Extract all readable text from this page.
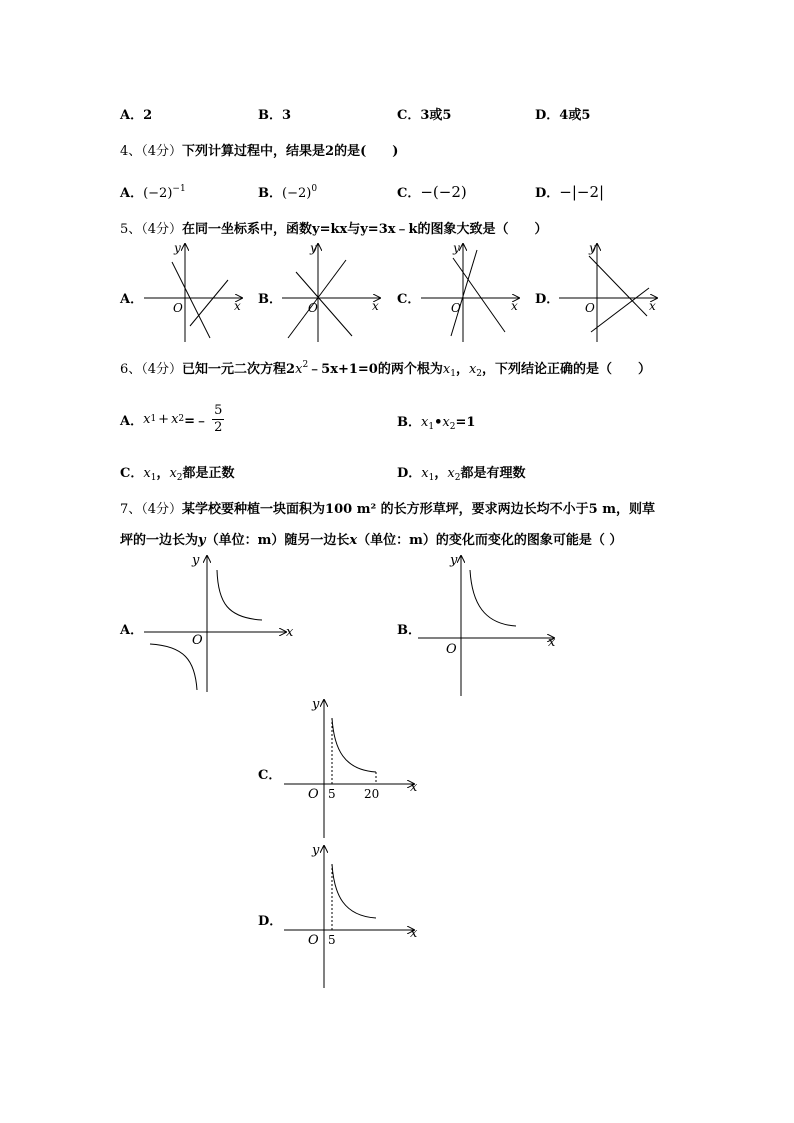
A．2	B．3	C．3或5	D．4或5
4、（4分）下列计算过程中，结果是2的是(　　)
A．$(-2)^{-1}$	B．$(-2)^0$	C．−(−2)	D．−|−2|
5、（4分）在同一坐标系中，函数y=kx与y=3x﹣k的图象大致是（　　）
A．
y
x
O
B．
y
x
O
C．
y
x
O
D．
y
x
O
6、（4分）已知一元二次方程$2x^2﹣5x+1=0$的两个根为$x_1$，$x_2$，下列结论正确的是（　　）
A． x 1 + x 2 =﹣ $\frac{5}{2}$	B．$x_1•x_2=1$
C．$x_1$，$x_2$都是正数	D．$x_1$，$x_2$都是有理数
7、（4分）某学校要种植一块面积为100 m² 的长方形草坪，要求两边长均不小于5 m，则草
坪的一边长为y（单位：m）随另一边长x（单位：m）的变化而变化的图象可能是（ ）
A．
y
x
O
B．
y
x
O
C．
y
x
O 5 20
D．
y
x
O 5
